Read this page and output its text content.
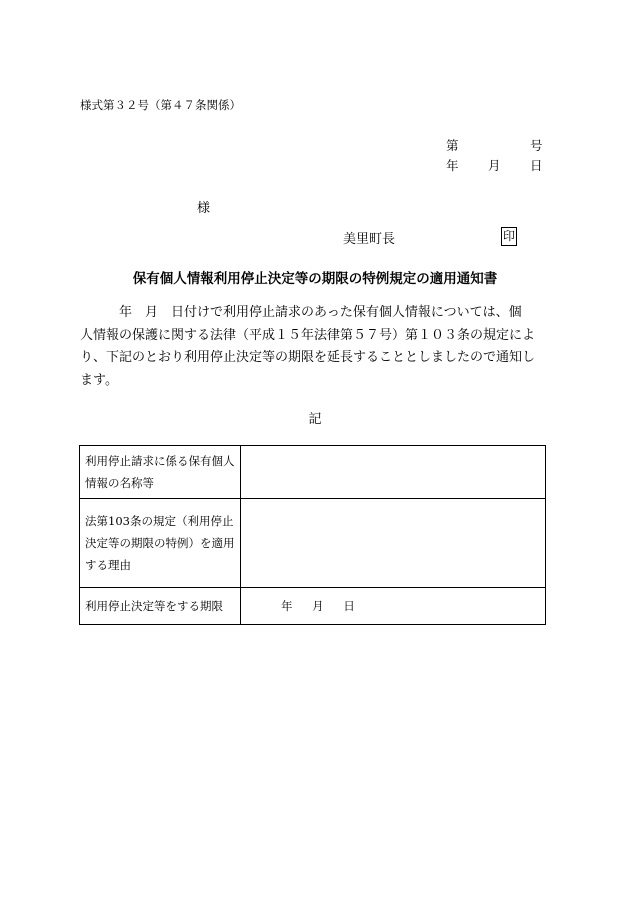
様式第３２号（第４７条関係）
第	号
年 月 日
様
美里町長	印
保有個人情報利用停止決定等の期限の特例規定の適用通知書
　　　年　月　日付けで利用停止請求のあった保有個人情報については、個
人情報の保護に関する法律（平成１５年法律第５７号）第１０３条の規定によ
り、下記のとおり利用停止決定等の期限を延長することとしましたので通知し
ます。
記
利用停止請求に係る保有個人情報の名称等	
法第103条の規定（利用停止決定等の期限の特例）を適用する理由	
利用停止決定等をする期限	年 月 日
